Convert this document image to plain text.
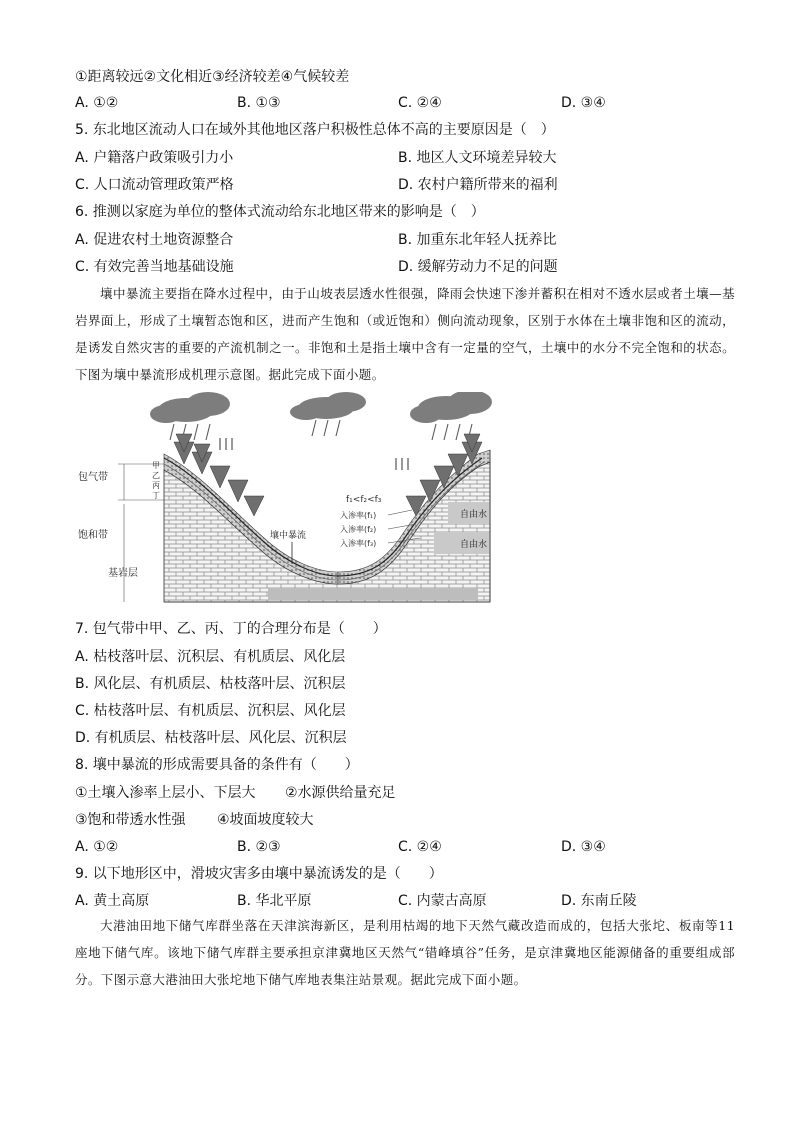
①距离较远②文化相近③经济较差④气候较差
A. ①②	B. ①③	C. ②④	D. ③④
5. 东北地区流动人口在域外其他地区落户积极性总体不高的主要原因是（　）
A. 户籍落户政策吸引力小	B. 地区人文环境差异较大
C. 人口流动管理政策严格	D. 农村户籍所带来的福利
6. 推测以家庭为单位的整体式流动给东北地区带来的影响是（　）
A. 促进农村土地资源整合	B. 加重东北年轻人抚养比
C. 有效完善当地基础设施	D. 缓解劳动力不足的问题
壤中暴流主要指在降水过程中，由于山坡表层透水性很强，降雨会快速下渗并蓄积在相对不透水层或者土壤—基岩界面上，形成了土壤暂态饱和区，进而产生饱和（或近饱和）侧向流动现象，区别于水体在土壤非饱和区的流动，是诱发自然灾害的重要的产流机制之一。非饱和土是指土壤中含有一定量的空气，土壤中的水分不完全饱和的状态。下图为壤中暴流形成机理示意图。据此完成下面小题。
包气带
饱和带
基岩层
甲
乙
丙
丁
壤中暴流
f₁<f₂<f₃
入渗率(f₁)
入渗率(f₂)
入渗率(f₃)
自由水
自由水
7. 包气带中甲、乙、丙、丁的合理分布是（　　）
A. 枯枝落叶层、沉积层、有机质层、风化层
B. 风化层、有机质层、枯枝落叶层、沉积层
C. 枯枝落叶层、有机质层、沉积层、风化层
D. 有机质层、枯枝落叶层、风化层、沉积层
8. 壤中暴流的形成需要具备的条件有（　　）
①土壤入渗率上层小、下层大 ②水源供给量充足
③饱和带透水性强 ④坡面坡度较大
A. ①②	B. ②③	C. ②④	D. ③④
9. 以下地形区中，滑坡灾害多由壤中暴流诱发的是（　　）
A. 黄土高原	B. 华北平原	C. 内蒙古高原	D. 东南丘陵
大港油田地下储气库群坐落在天津滨海新区，是利用枯竭的地下天然气藏改造而成的，包括大张坨、板南等11座地下储气库。该地下储气库群主要承担京津冀地区天然气“错峰填谷”任务，是京津冀地区能源储备的重要组成部分。下图示意大港油田大张坨地下储气库地表集注站景观。据此完成下面小题。
